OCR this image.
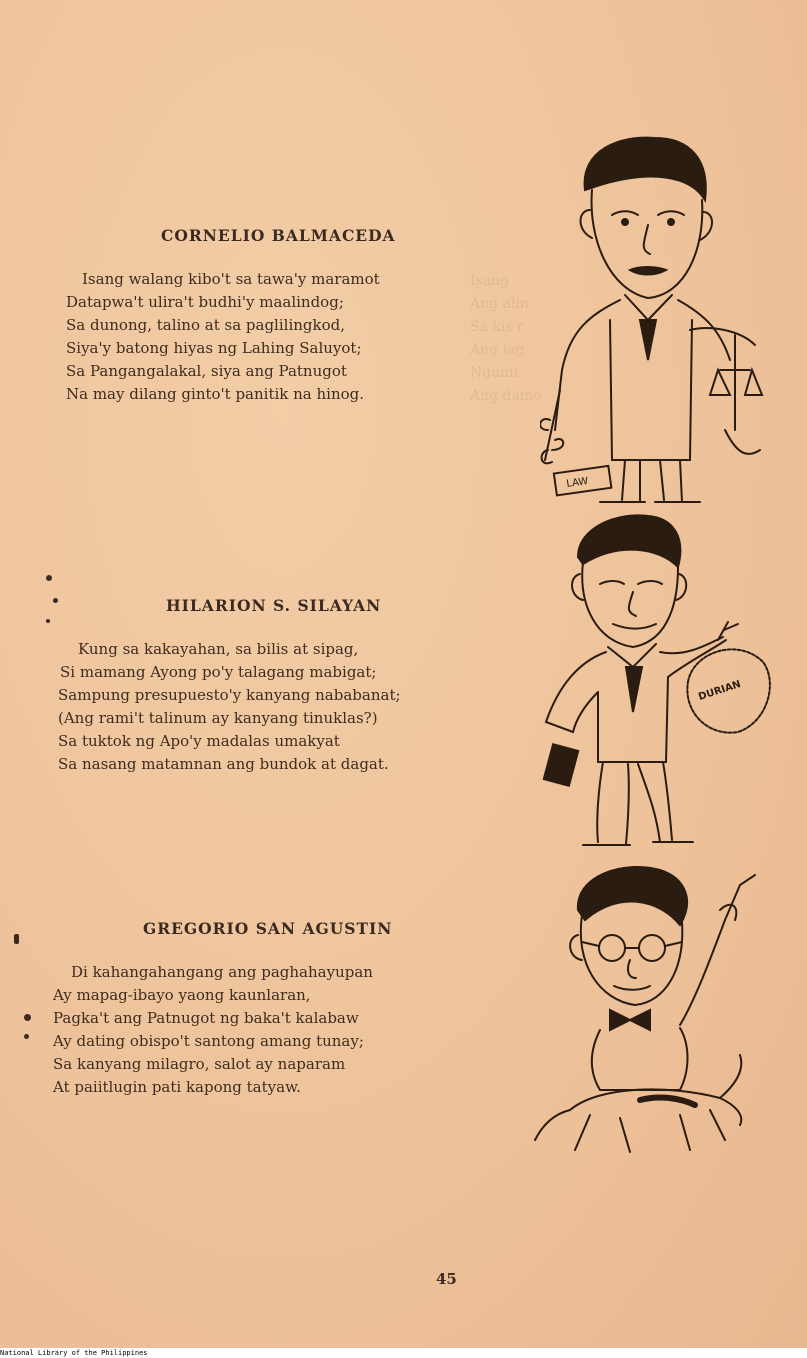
Isang
Ang alin
Sa kis r
Ang lag
Ngunit
Ang damo
CORNELIO BALMACEDA
Isang walang kibo't sa tawa'y maramot
Datapwa't ulira't budhi'y maalindog;
Sa dunong, talino at sa paglilingkod,
Siya'y batong hiyas ng Lahing Saluyot;
Sa Pangangalakal, siya ang Patnugot
Na may dilang ginto't panitik na hinog.
LAW
HILARION S. SILAYAN
Kung sa kakayahan, sa bilis at sipag,
Si mamang Ayong po'y talagang mabigat;
Sampung presupuesto'y kanyang nababanat;
(Ang rami't talinum ay kanyang tinuklas?)
Sa tuktok ng Apo'y madalas umakyat
Sa nasang matamnan ang bundok at dagat.
DURIAN
GREGORIO SAN AGUSTIN
Di kahangahangang ang paghahayupan
Ay mapag-ibayo yaong kaunlaran,
Pagka't ang Patnugot ng baka't kalabaw
Ay dating obispo't santong amang tunay;
Sa kanyang milagro, salot ay naparam
At paiitlugin pati kapong tatyaw.
45
National Library of the Philippines
